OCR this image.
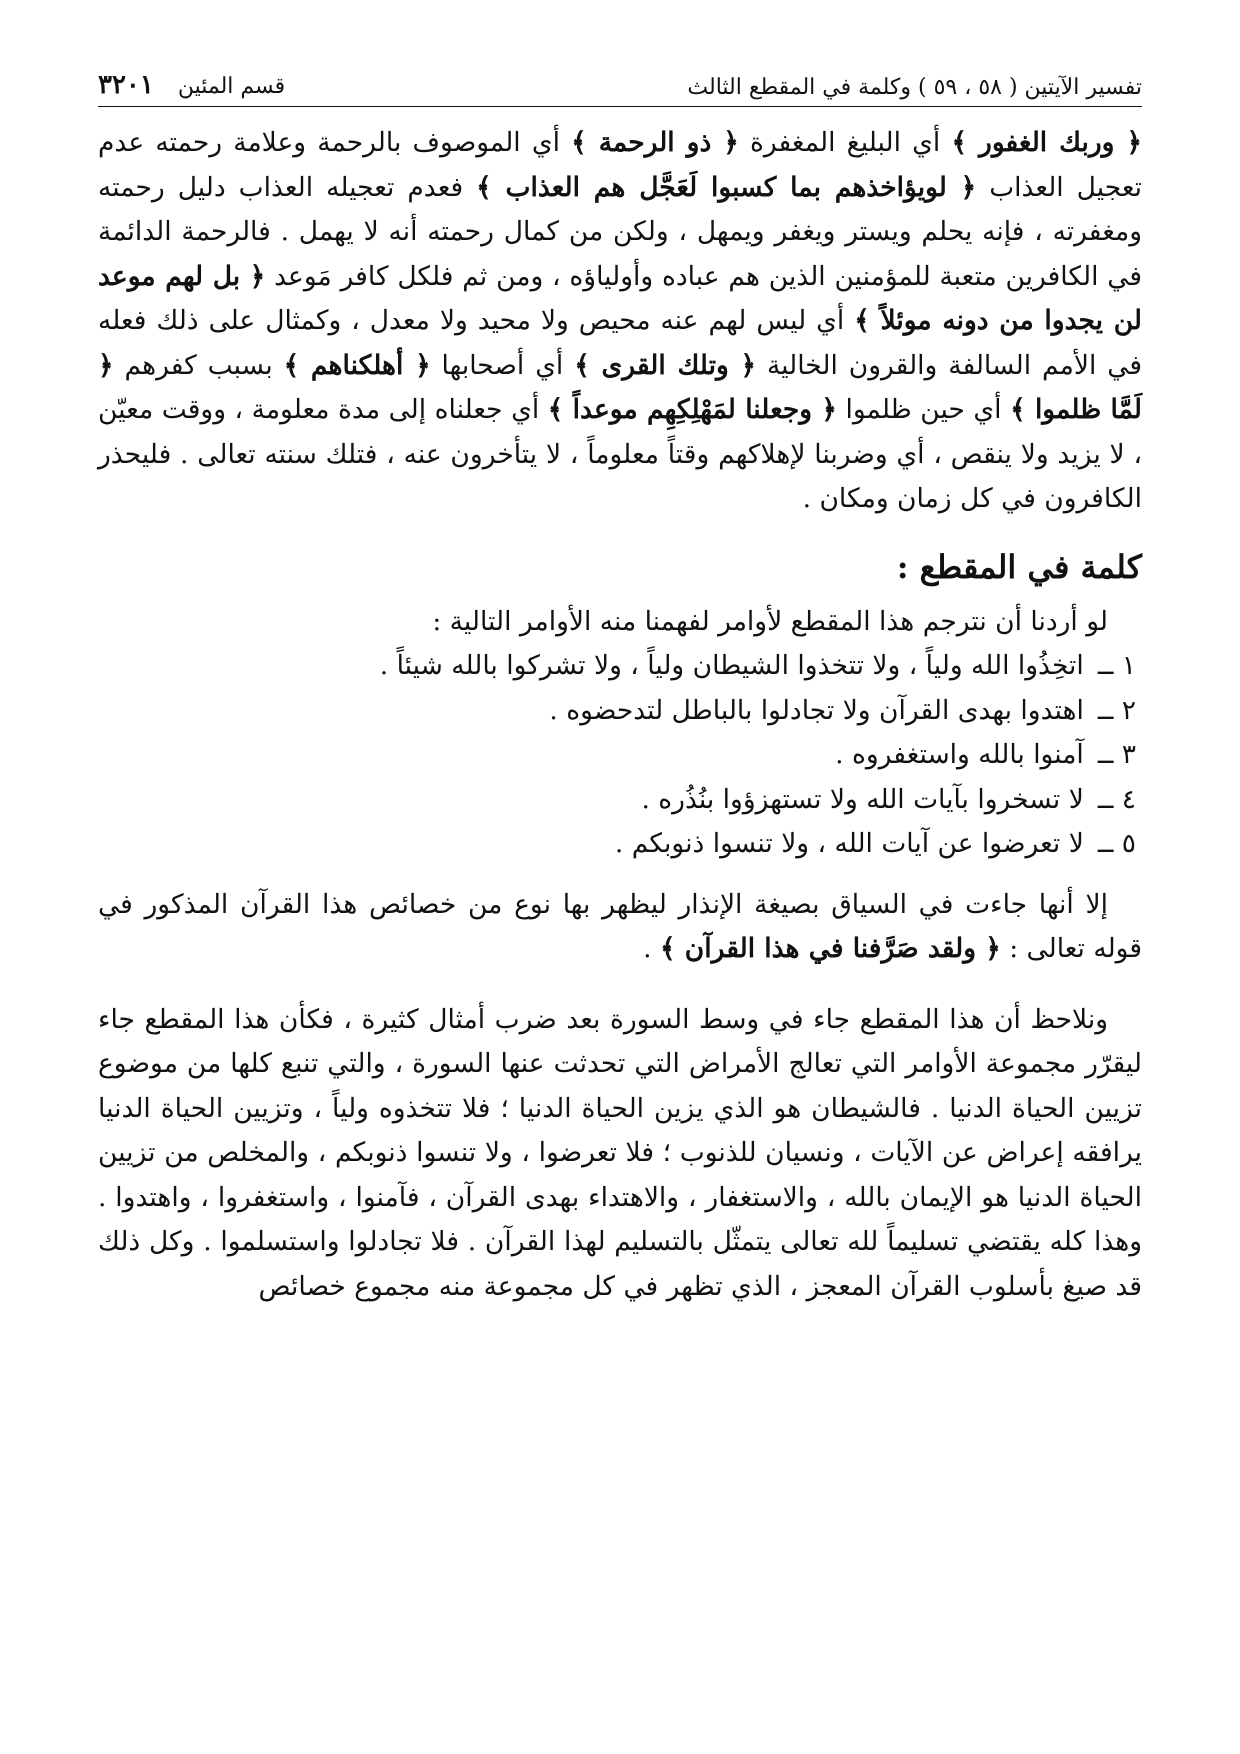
تفسير الآيتين ( ٥٨ ، ٥٩ ) وكلمة في المقطع الثالث
قسم المئين
٣٢٠١

﴿ وربك الغفور ﴾ أي البليغ المغفرة ﴿ ذو الرحمة ﴾ أي الموصوف بالرحمة وعلامة رحمته عدم تعجيل العذاب ﴿ لويؤاخذهم بما كسبوا لَعَجَّل هم العذاب ﴾ فعدم تعجيله العذاب دليل رحمته ومغفرته ، فإنه يحلم ويستر ويغفر ويمهل ، ولكن من كمال رحمته أنه لا يهمل . فالرحمة الدائمة في الكافرين متعبة للمؤمنين الذين هم عباده وأولياؤه ، ومن ثم فلكل كافر مَوعد ﴿ بل لهم موعد لن يجدوا من دونه موئلاً ﴾ أي ليس لهم عنه محيص ولا محيد ولا معدل ، وكمثال على ذلك فعله في الأمم السالفة والقرون الخالية ﴿ وتلك القرى ﴾ أي أصحابها ﴿ أهلكناهم ﴾ بسبب كفرهم ﴿ لَمَّا ظلموا ﴾ أي حين ظلموا ﴿ وجعلنا لمَهْلِكِهِم موعداً ﴾ أي جعلناه إلى مدة معلومة ، ووقت معيّن ، لا يزيد ولا ينقص ، أي وضربنا لإهلاكهم وقتاً معلوماً ، لا يتأخرون عنه ، فتلك سنته تعالى . فليحذر الكافرون في كل زمان ومكان .

كلمة في المقطع :

لو أردنا أن نترجم هذا المقطع لأوامر لفهمنا منه الأوامر التالية :

١ ــ
اتخِذُوا الله ولياً ، ولا تتخذوا الشيطان ولياً ، ولا تشركوا بالله شيئاً .
٢ ــ
اهتدوا بهدى القرآن ولا تجادلوا بالباطل لتدحضوه .
٣ ــ
آمنوا بالله واستغفروه .
٤ ــ
لا تسخروا بآيات الله ولا تستهزؤوا بنُذُره .
٥ ــ
لا تعرضوا عن آيات الله ، ولا تنسوا ذنوبكم .

إلا أنها جاءت في السياق بصيغة الإنذار ليظهر بها نوع من خصائص هذا القرآن المذكور في قوله تعالى : ﴿ ولقد صَرَّفنا في هذا القرآن ﴾ .

ونلاحظ أن هذا المقطع جاء في وسط السورة بعد ضرب أمثال كثيرة ، فكأن هذا المقطع جاء ليقرّر مجموعة الأوامر التي تعالج الأمراض التي تحدثت عنها السورة ، والتي تنبع كلها من موضوع تزيين الحياة الدنيا . فالشيطان هو الذي يزين الحياة الدنيا ؛ فلا تتخذوه ولياً ، وتزيين الحياة الدنيا يرافقه إعراض عن الآيات ، ونسيان للذنوب ؛ فلا تعرضوا ، ولا تنسوا ذنوبكم ، والمخلص من تزيين الحياة الدنيا هو الإيمان بالله ، والاستغفار ، والاهتداء بهدى القرآن ، فآمنوا ، واستغفروا ، واهتدوا . وهذا كله يقتضي تسليماً لله تعالى يتمثّل بالتسليم لهذا القرآن . فلا تجادلوا واستسلموا . وكل ذلك قد صيغ بأسلوب القرآن المعجز ، الذي تظهر في كل مجموعة منه مجموع خصائص
